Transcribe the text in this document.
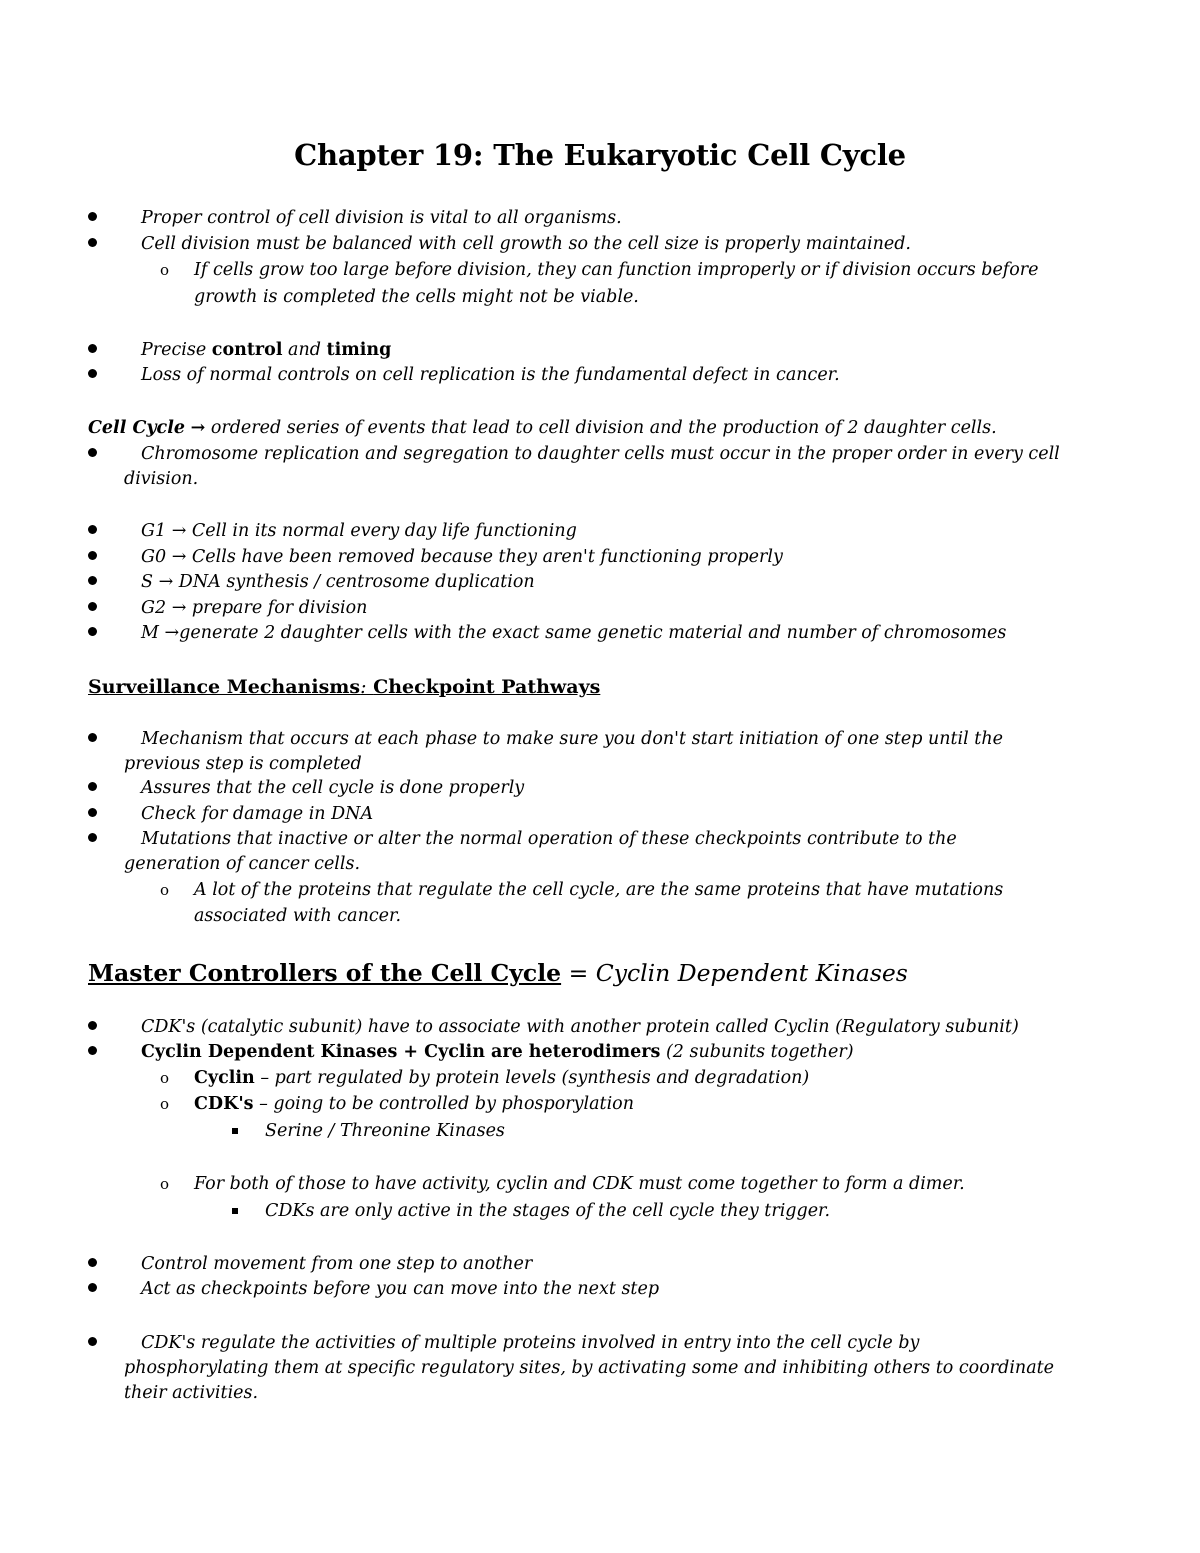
Chapter 19: The Eukaryotic Cell Cycle
Proper control of cell division is vital to all organisms.
Cell division must be balanced with cell growth so the cell size is properly maintained.
o If cells grow too large before division, they can function improperly or if division occurs before
growth is completed the cells might not be viable.
Precise control and timing
Loss of normal controls on cell replication is the fundamental defect in cancer.
Cell Cycle → ordered series of events that lead to cell division and the production of 2 daughter cells.
Chromosome replication and segregation to daughter cells must occur in the proper order in every cell
division.
G1 → Cell in its normal every day life functioning
G0 → Cells have been removed because they aren't functioning properly
S → DNA synthesis / centrosome duplication
G2 → prepare for division
M →generate 2 daughter cells with the exact same genetic material and number of chromosomes
Surveillance Mechanisms: Checkpoint Pathways
Mechanism that occurs at each phase to make sure you don't start initiation of one step until the
previous step is completed
Assures that the cell cycle is done properly
Check for damage in DNA
Mutations that inactive or alter the normal operation of these checkpoints contribute to the
generation of cancer cells.
o A lot of the proteins that regulate the cell cycle, are the same proteins that have mutations
associated with cancer.
Master Controllers of the Cell Cycle = Cyclin Dependent Kinases
CDK's (catalytic subunit) have to associate with another protein called Cyclin (Regulatory subunit)
Cyclin Dependent Kinases + Cyclin are heterodimers (2 subunits together)
o Cyclin – part regulated by protein levels (synthesis and degradation)
o CDK's – going to be controlled by phosporylation
Serine / Threonine Kinases
o For both of those to have activity, cyclin and CDK must come together to form a dimer.
CDKs are only active in the stages of the cell cycle they trigger.
Control movement from one step to another
Act as checkpoints before you can move into the next step
CDK's regulate the activities of multiple proteins involved in entry into the cell cycle by
phosphorylating them at specific regulatory sites, by activating some and inhibiting others to coordinate
their activities.
